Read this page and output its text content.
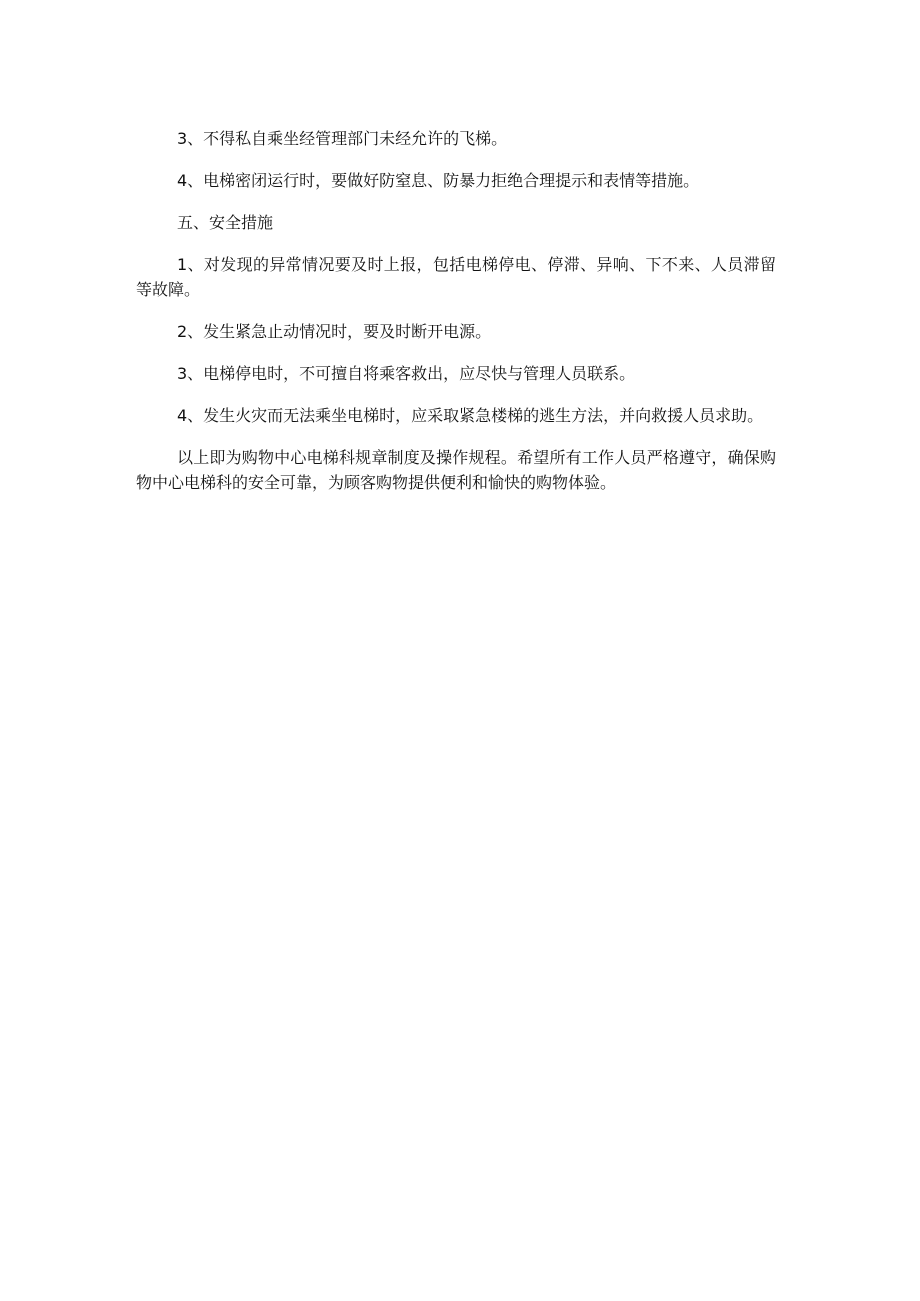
3、不得私自乘坐经管理部门未经允许的飞梯。

4、电梯密闭运行时，要做好防窒息、防暴力拒绝合理提示和表情等措施。

五、安全措施

1、对发现的异常情况要及时上报，包括电梯停电、停滞、异响、下不来、人员滞留等故障。

2、发生紧急止动情况时，要及时断开电源。

3、电梯停电时，不可擅自将乘客救出，应尽快与管理人员联系。

4、发生火灾而无法乘坐电梯时，应采取紧急楼梯的逃生方法，并向救援人员求助。

以上即为购物中心电梯科规章制度及操作规程。希望所有工作人员严格遵守，确保购物中心电梯科的安全可靠，为顾客购物提供便利和愉快的购物体验。
